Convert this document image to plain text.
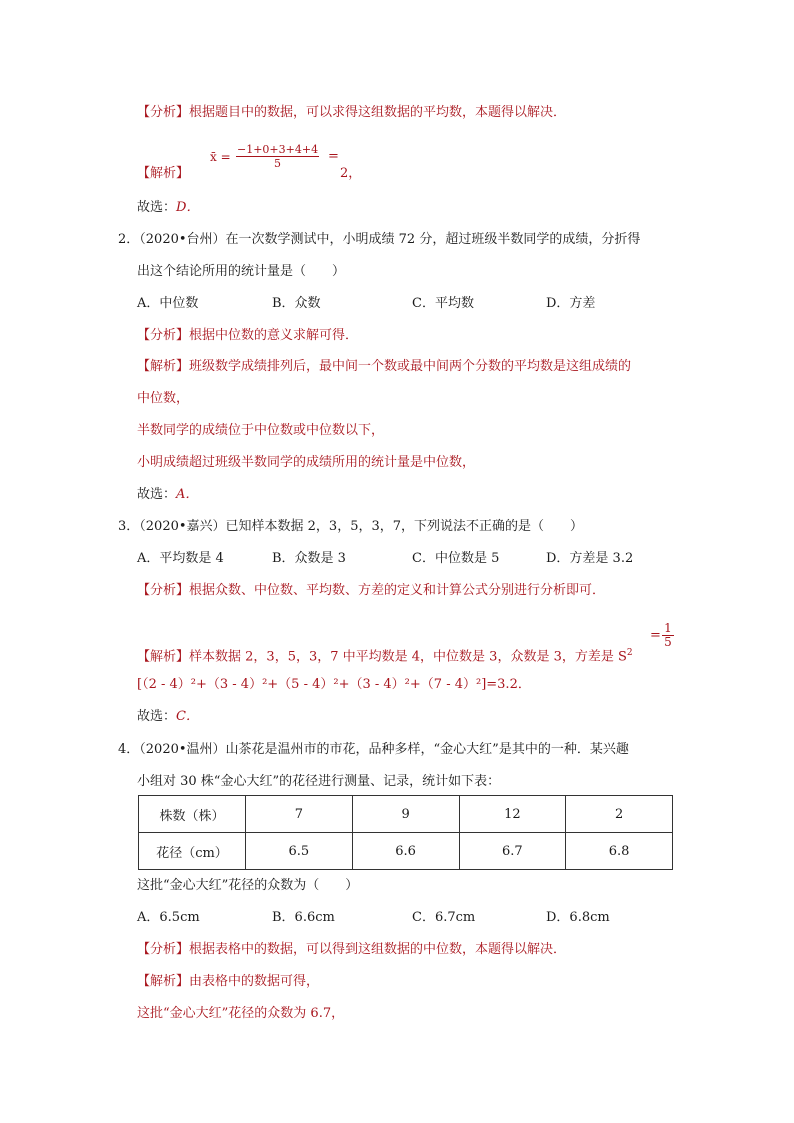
【分析】根据题目中的数据，可以求得这组数据的平均数，本题得以解决．
【解析】
x̄ = $\frac{-1+0+3+4+4}{5}$ =
2，
故选：D．
2．（2020•台州）在一次数学测试中，小明成绩 72 分，超过班级半数同学的成绩，分折得
出这个结论所用的统计量是（　　）
A．中位数	B．众数	C．平均数	D．方差
【分析】根据中位数的意义求解可得．
【解析】班级数学成绩排列后，最中间一个数或最中间两个分数的平均数是这组成绩的
中位数，
半数同学的成绩位于中位数或中位数以下，
小明成绩超过班级半数同学的成绩所用的统计量是中位数，
故选：A．
3．（2020•嘉兴）已知样本数据 2，3，5，3，7，下列说法不正确的是（　　）
A．平均数是 4	B．众数是 3	C．中位数是 5	D．方差是 3.2
【分析】根据众数、中位数、平均数、方差的定义和计算公式分别进行分析即可．
【解析】样本数据 2，3，5，3，7 中平均数是 4，中位数是 3，众数是 3，方差是 $S^2$
= $\frac{1}{5}$
[（2 - 4）²+（3 - 4）²+（5 - 4）²+（3 - 4）²+（7 - 4）²]=3.2．
故选：C．
4．（2020•温州）山茶花是温州市的市花，品种多样，“金心大红”是其中的一种．某兴趣
小组对 30 株“金心大红”的花径进行测量、记录，统计如下表：
株数（株）	7	9	12	2
花径（cm）	6.5	6.6	6.7	6.8
这批“金心大红”花径的众数为（　　）
A．6.5cm	B．6.6cm	C．6.7cm	D．6.8cm
【分析】根据表格中的数据，可以得到这组数据的中位数，本题得以解决．
【解析】由表格中的数据可得，
这批“金心大红”花径的众数为 6.7，
